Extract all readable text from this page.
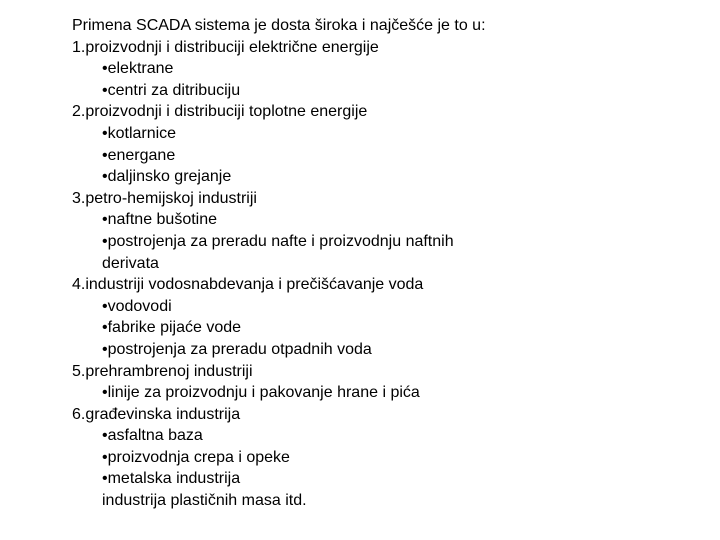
Primena SCADA sistema je dosta široka i najčešće je to u:
1.proizvodnji i distribuciji električne energije
•elektrane
•centri za ditribuciju
2.proizvodnji i distribuciji toplotne energije
•kotlarnice
•energane
•daljinsko grejanje
3.petro-hemijskoj industriji
•naftne bušotine
•postrojenja za preradu nafte i proizvodnju naftnih
derivata
4.industriji vodosnabdevanja i prečišćavanje voda
•vodovodi
•fabrike pijaće vode
•postrojenja za preradu otpadnih voda
5.prehrambrenoj industriji
•linije za proizvodnju i pakovanje hrane i pića
6.građevinska industrija
•asfaltna baza
•proizvodnja crepa i opeke
•metalska industrija
industrija plastičnih masa itd.
